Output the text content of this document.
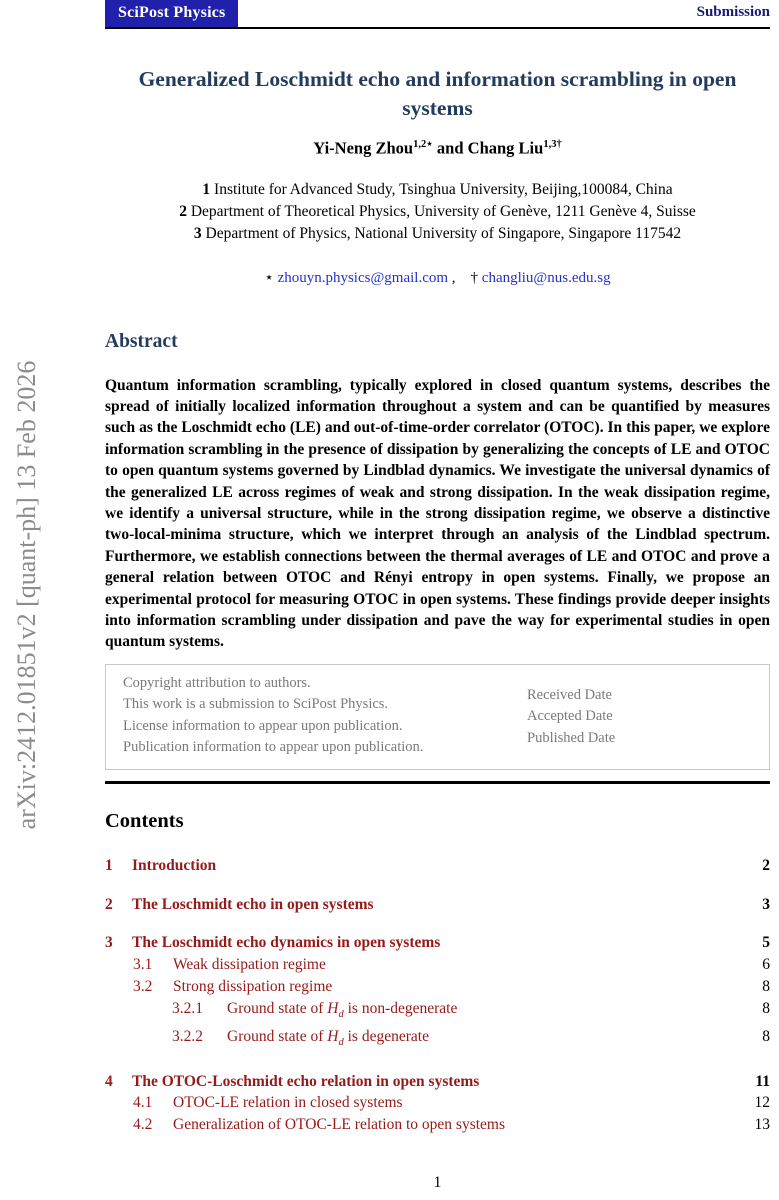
arXiv:2412.01851v2 [quant-ph] 13 Feb 2026
SciPost Physics	Submission
Generalized Loschmidt echo and information scrambling in open systems
Yi-Neng Zhou$^{1,2⋆}$ and Chang Liu$^{1,3\dagger}$
1 Institute for Advanced Study, Tsinghua University, Beijing,100084, China
2 Department of Theoretical Physics, University of Genève, 1211 Genève 4, Suisse
3 Department of Physics, National University of Singapore, Singapore 117542
⋆ zhouyn.physics@gmail.com ,    † changliu@nus.edu.sg
Abstract
Quantum information scrambling, typically explored in closed quantum systems, describes the spread of initially localized information throughout a system and can be quantified by measures such as the Loschmidt echo (LE) and out-of-time-order correlator (OTOC). In this paper, we explore information scrambling in the presence of dissipation by generalizing the concepts of LE and OTOC to open quantum systems governed by Lindblad dynamics. We investigate the universal dynamics of the generalized LE across regimes of weak and strong dissipation. In the weak dissipation regime, we identify a universal structure, while in the strong dissipation regime, we observe a distinctive two-local-minima structure, which we interpret through an analysis of the Lindblad spectrum. Furthermore, we establish connections between the thermal averages of LE and OTOC and prove a general relation between OTOC and Rényi entropy in open systems. Finally, we propose an experimental protocol for measuring OTOC in open systems. These findings provide deeper insights into information scrambling under dissipation and pave the way for experimental studies in open quantum systems.
Copyright attribution to authors.
This work is a submission to SciPost Physics.
License information to appear upon publication.
Publication information to appear upon publication.
Received Date
Accepted Date
Published Date
Contents
1	Introduction	2
2	The Loschmidt echo in open systems	3
3	The Loschmidt echo dynamics in open systems	5
3.1	Weak dissipation regime	6
3.2	Strong dissipation regime	8
3.2.1	Ground state of $H_d$ is non-degenerate	8
3.2.2	Ground state of $H_d$ is degenerate	8
4	The OTOC-Loschmidt echo relation in open systems	11
4.1	OTOC-LE relation in closed systems	12
4.2	Generalization of OTOC-LE relation to open systems	13
1
